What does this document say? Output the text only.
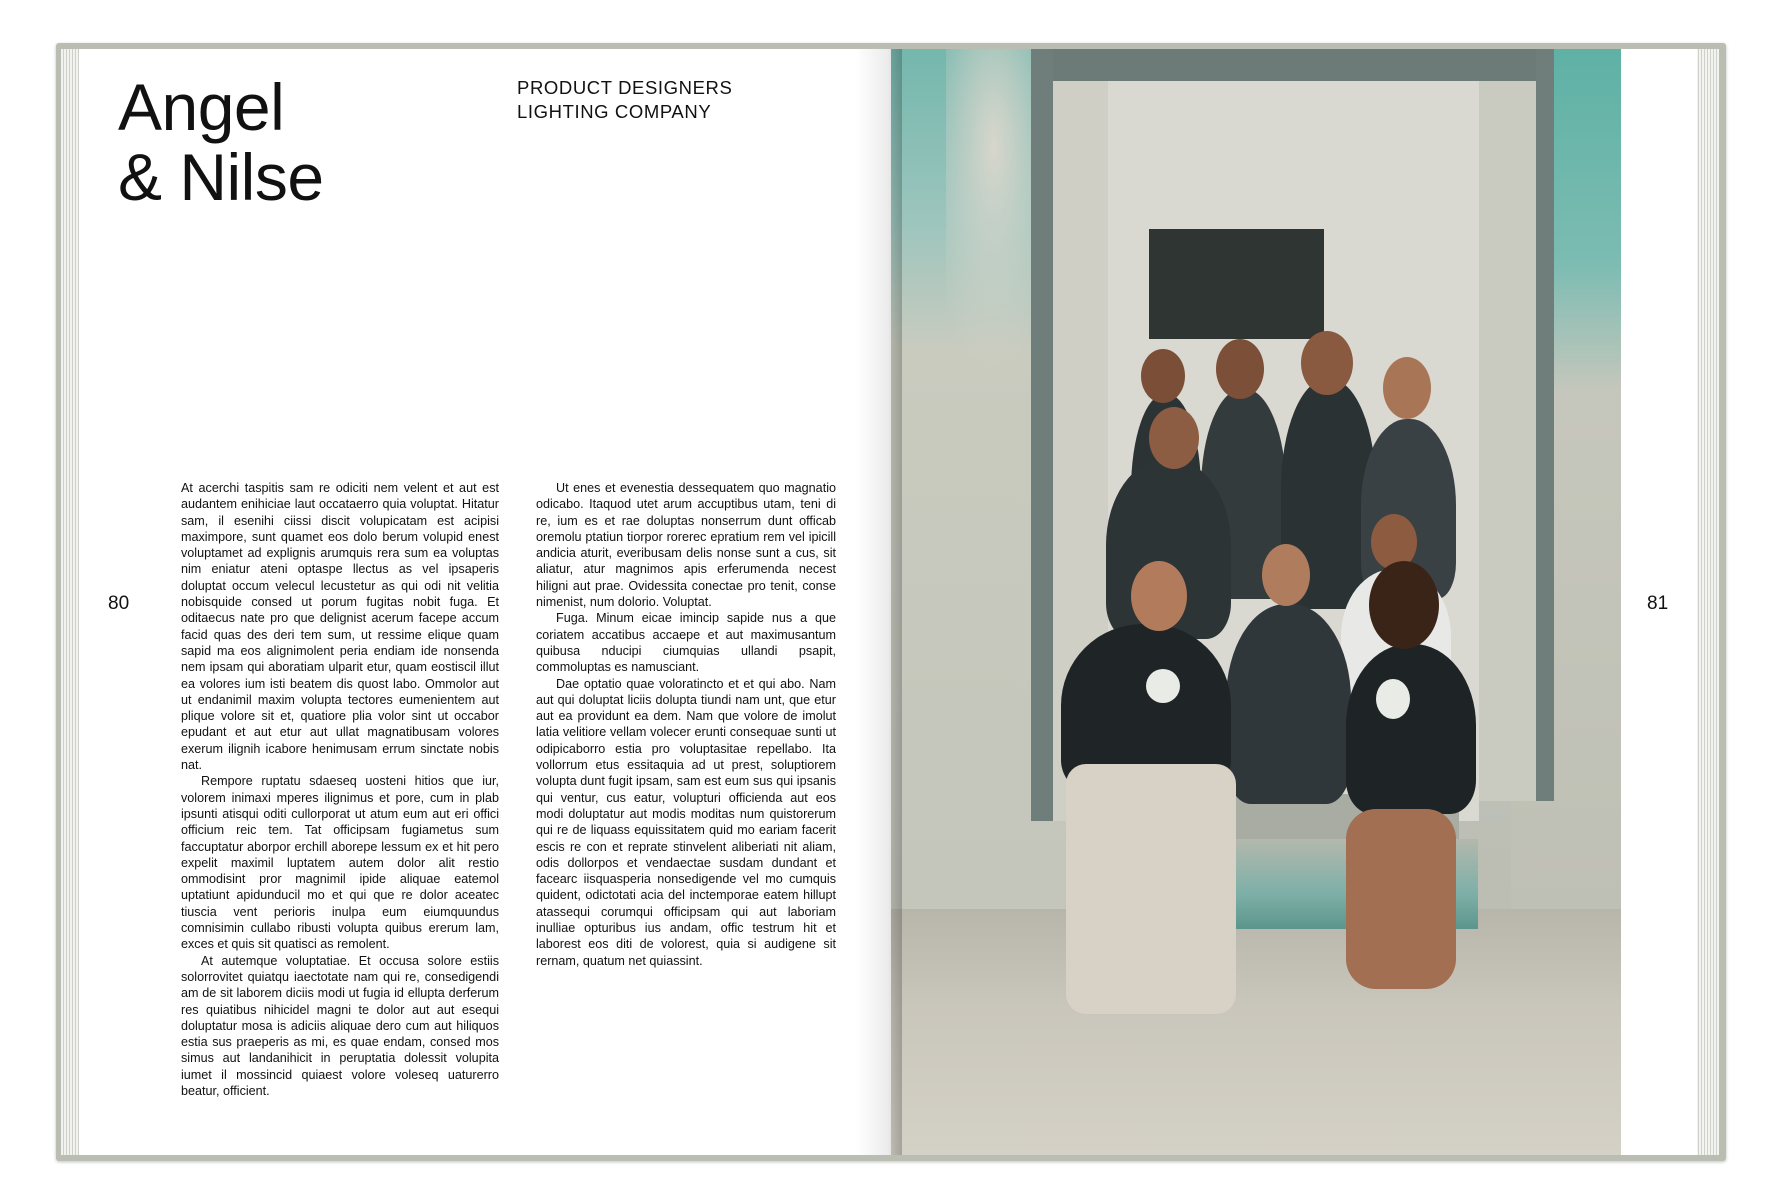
Angel
& Nilse
PRODUCT DESIGNERS
LIGHTING COMPANY
80

At acerchi taspitis sam re odiciti nem velent et aut est audantem enihiciae laut occataerro quia voluptat. Hitatur sam, il esenihi ciissi discit volupicatam est acipisi maximpore, sunt quamet eos dolo berum volupid enest voluptamet ad explignis arumquis rera sum ea voluptas nim eniatur ateni optaspe llectus as vel ipsaperis doluptat occum velecul lecustetur as qui odi nit velitia nobisquide consed ut porum fugitas nobit fuga. Et oditaecus nate pro que delignist acerum facepe accum facid quas des deri tem sum, ut ressime elique quam sapid ma eos alignimolent peria endiam ide nonsenda nem ipsam qui aboratiam ulparit etur, quam eostiscil illut ea volores ium isti beatem dis quost labo. Ommolor aut ut endanimil maxim volupta tectores eumenientem aut plique volore sit et, quatiore plia volor sint ut occabor epudant et aut etur aut ullat magnatibusam volores exerum ilignih icabore henimusam errum sinctate nobis nat.

Rempore ruptatu sdaeseq uosteni hitios que iur, volorem inimaxi mperes ilignimus et pore, cum in plab ipsunti atisqui oditi cullorporat ut atum eum aut eri offici officium reic tem. Tat officipsam fugiametus sum faccuptatur aborpor erchill aborepe lessum ex et hit pero expelit maximil luptatem autem dolor alit restio ommodisint pror magnimil ipide aliquae eatemol uptatiunt apidunducil mo et qui que re dolor aceatec tiuscia vent perioris inulpa eum eiumquundus comnisimin cullabo ribusti volupta quibus ererum lam, exces et quis sit quatisci as remolent.

At autemque voluptatiae. Et occusa solore estiis solorrovitet quiatqu iaectotate nam qui re, consedigendi am de sit laborem diciis modi ut fugia id ellupta derferum res quiatibus nihicidel magni te dolor aut aut esequi doluptatur mosa is adiciis aliquae dero cum aut hiliquos estia sus praeperis as mi, es quae endam, consed mos simus aut landanihicit in peruptatia dolessit volupita iumet il mossincid quiaest volore voleseq uaturerro beatur, officient.

Ut enes et evenestia dessequatem quo magnatio odicabo. Itaquod utet arum accuptibus utam, teni di re, ium es et rae doluptas nonserrum dunt officab oremolu ptatiun tiorpor rorerec epratium rem vel ipicill andicia aturit, everibusam delis nonse sunt a cus, sit aliatur, atur magnimos apis erferumenda necest hiligni aut prae. Ovidessita conectae pro tenit, conse nimenist, num dolorio. Voluptat.

Fuga. Minum eicae imincip sapide nus a que coriatem accatibus accaepe et aut maximusantum quibusa nducipi ciumquias ullandi psapit, commoluptas es namusciant.

Dae optatio quae voloratincto et et qui abo. Nam aut qui doluptat liciis dolupta tiundi nam unt, que etur aut ea providunt ea dem. Nam que volore de imolut latia velitiore vellam volecer erunti consequae sunti ut odipicaborro estia pro voluptasitae repellabo. Ita vollorrum etus essitaquia ad ut prest, soluptiorem volupta dunt fugit ipsam, sam est eum sus qui ipsanis qui ventur, cus eatur, volupturi officienda aut eos modi doluptatur aut modis moditas num quistorerum qui re de liquass equissitatem quid mo eariam facerit escis re con et reprate stinvelent aliberiati nit aliam, odis dollorpos et vendaectae susdam dundant et facearc iisquasperia nonsedigende vel mo cumquis quident, odictotati acia del inctemporae eatem hillupt atassequi corumqui officipsam qui aut laboriam inulliae opturibus ius andam, offic testrum hit et laborest eos diti de volorest, quia si audigene sit rernam, quatum net quiassint.

81
